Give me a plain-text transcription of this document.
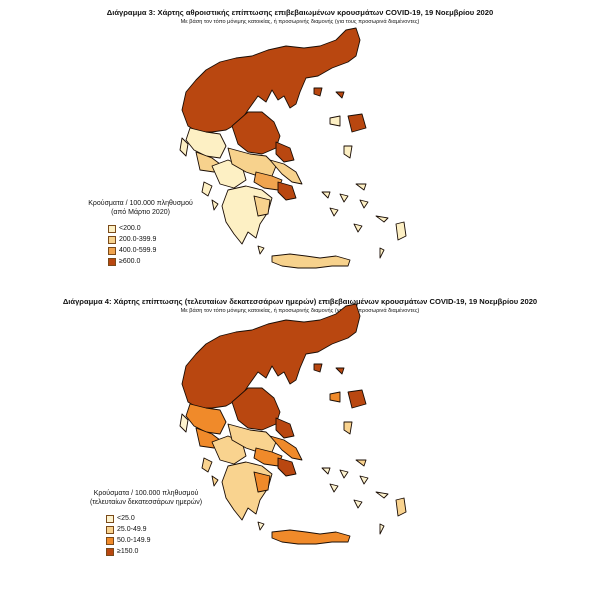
Διάγραμμα 3: Χάρτης αθροιστικής επίπτωσης επιβεβαιωμένων κρουσμάτων COVID-19, 19 Νοεμβρίου 2020
Με βάση τον τόπο μόνιμης κατοικίας, ή προσωρινής διαμονής (για τους προσωρινά διαμένοντες)
Κρούσματα / 100.000 πληθυσμού
(από Μάρτιο 2020)
<200.0
200.0-399.9
400.0-599.9
≥600.0
Διάγραμμα 4: Χάρτης επίπτωσης (τελευταίων δεκατεσσάρων ημερών) επιβεβαιωμένων κρουσμάτων COVID-19, 19 Νοεμβρίου 2020
Με βάση τον τόπο μόνιμης κατοικίας, ή προσωρινής διαμονής (για τους προσωρινά διαμένοντες)
Κρούσματα / 100.000 πληθυσμού
(τελευταίων δεκατεσσάρων ημερών)
<25.0
25.0-49.9
50.0-149.9
≥150.0
